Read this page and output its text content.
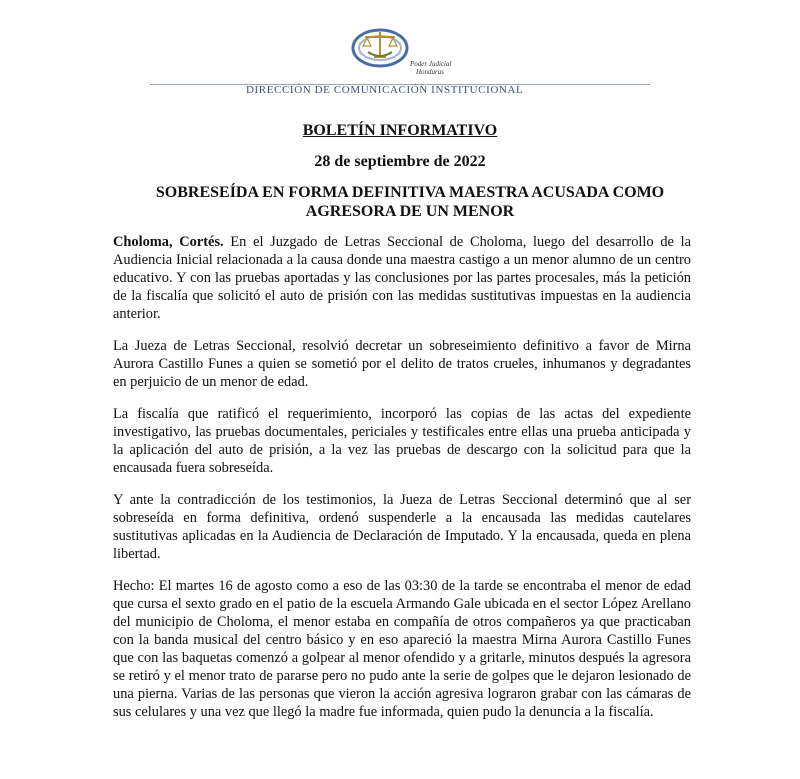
Poder Judicial
Honduras
DIRECCIÓN DE COMUNICACIÓN INSTITUCIONAL
BOLETÍN INFORMATIVO
28 de septiembre de 2022
SOBRESEÍDA EN FORMA DEFINITIVA MAESTRA ACUSADA COMO AGRESORA DE UN MENOR

Choloma, Cortés. En el Juzgado de Letras Seccional de Choloma, luego del desarrollo de la Audiencia Inicial relacionada a la causa donde una maestra castigo a un menor alumno de un centro educativo. Y con las pruebas aportadas y las conclusiones por las partes procesales, más la petición de la fiscalía que solicitó el auto de prisión con las medidas sustitutivas impuestas en la audiencia anterior.

La Jueza de Letras Seccional, resolvió decretar un sobreseimiento definitivo a favor de Mirna Aurora Castillo Funes a quien se sometió por el delito de tratos crueles, inhumanos y degradantes en perjuicio de un menor de edad.

La fiscalía que ratificó el requerimiento, incorporó las copias de las actas del expediente investigativo, las pruebas documentales, periciales y testificales entre ellas una prueba anticipada y la aplicación del auto de prisión, a la vez las pruebas de descargo con la solicitud para que la encausada fuera sobreseída.

Y ante la contradicción de los testimonios, la Jueza de Letras Seccional determinó que al ser sobreseída en forma definitiva, ordenó suspenderle a la encausada las medidas cautelares sustitutivas aplicadas en la Audiencia de Declaración de Imputado. Y la encausada, queda en plena libertad.

Hecho: El martes 16 de agosto como a eso de las 03:30 de la tarde se encontraba el menor de edad que cursa el sexto grado en el patio de la escuela Armando Gale ubicada en el sector López Arellano del municipio de Choloma, el menor estaba en compañía de otros compañeros ya que practicaban con la banda musical del centro básico y en eso apareció la maestra Mirna Aurora Castillo Funes que con las baquetas comenzó a golpear al menor ofendido y a gritarle, minutos después la agresora se retiró y el menor trato de pararse pero no pudo ante la serie de golpes que le dejaron lesionado de una pierna. Varias de las personas que vieron la acción agresiva lograron grabar con las cámaras de sus celulares y una vez que llegó la madre fue informada, quien pudo la denuncia a la fiscalía.
